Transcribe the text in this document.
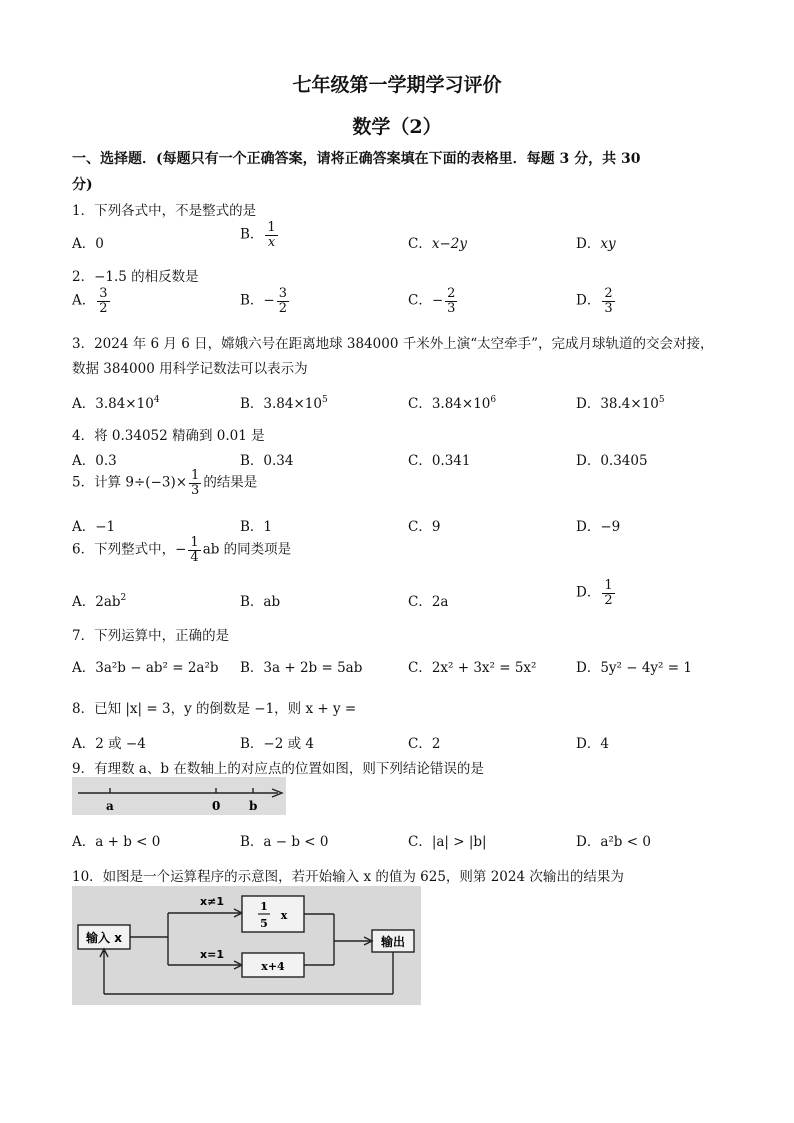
七年级第一学期学习评价
数学（2）
一、选择题．(每题只有一个正确答案，请将正确答案填在下面的表格里．每题 3 分，共 30
分)
1．下列各式中，不是整式的是
A．0
B． $\frac{1}{x}$	C．x−2y	D．xy
2．−1.5 的相反数是
A． $\frac{3}{2}$	B．− $\frac{3}{2}$	C．− $\frac{2}{3}$	D． $\frac{2}{3}$
3．2024 年 6 月 6 日，嫦娥六号在距离地球 384000 千米外上演“太空牵手”，完成月球轨道的交会对接，
数据 384000 用科学记数法可以表示为
A．$3.84\times 10^4$	B．$3.84\times 10^5$	C．$3.84\times 10^6$	D．$38.4\times 10^5$
4．将 0.34052 精确到 0.01 是
A．0.3	B．0.34	C．0.341	D．0.3405
5．计算 $9\div(-3)\times \frac{1}{3}$ 的结果是
A．−1	B．1	C．9	D．−9
6．下列整式中，− $\frac{1}{4}$ ab 的同类项是
A．$2ab^2$	B．ab	C．2a
D． $\frac{1}{2}$
7．下列运算中，正确的是
A．3a²b − ab² = 2a²b B．3a + 2b = 5ab	C．2x² + 3x² = 5x²	D．5y² − 4y² = 1
8．已知 |x| = 3，y 的倒数是 −1，则 x + y =
A．2 或 −4	B．−2 或 4	C．2	D．4
9．有理数 a、b 在数轴上的对应点的位置如图，则下列结论错误的是
a	0 b
A．a + b < 0	B．a − b < 0	C．|a| > |b|	D．a²b < 0
10．如图是一个运算程序的示意图，若开始输入 x 的值为 625，则第 2024 次输出的结果为
输入 x	输出
x≠1	1
5
x
x=1
x+4
